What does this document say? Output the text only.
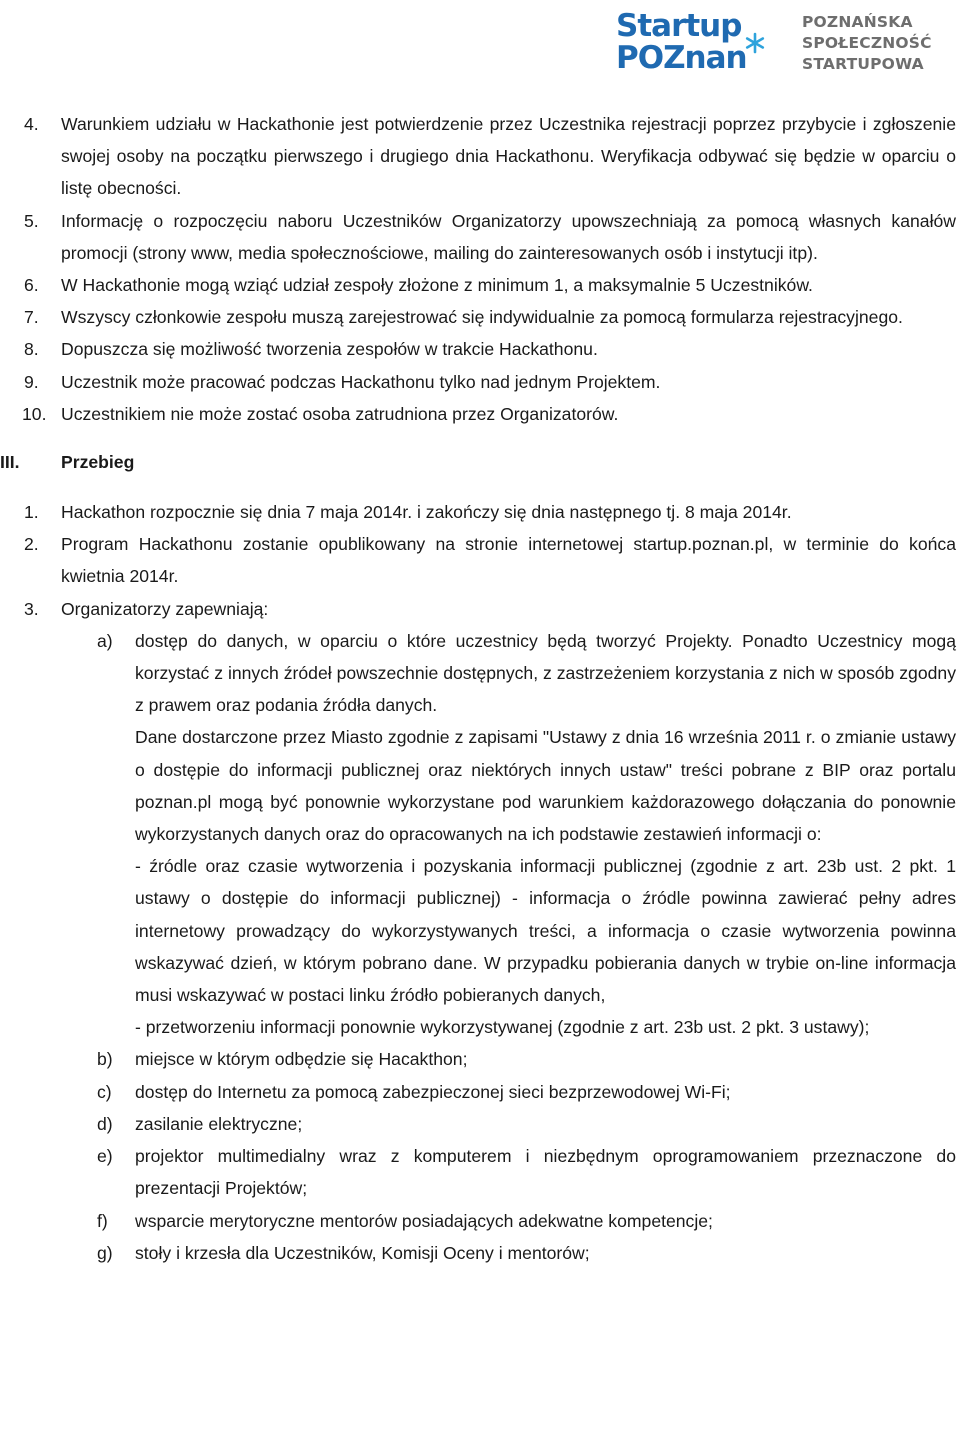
Startup
POZnan
POZNAŃSKA
SPOŁECZNOŚĆ
STARTUPOWA
4. Warunkiem udziału w Hackathonie jest potwierdzenie przez Uczestnika rejestracji poprzez przybycie i zgłoszenie swojej osoby na początku pierwszego i drugiego dnia Hackathonu. Weryfikacja odbywać się będzie w oparciu o listę obecności.
5. Informację o rozpoczęciu naboru Uczestników Organizatorzy upowszechniają za pomocą własnych kanałów promocji (strony www, media społecznościowe, mailing do zainteresowanych osób i instytucji itp).
6. W Hackathonie mogą wziąć udział zespoły złożone z minimum 1, a maksymalnie 5 Uczestników.
7. Wszyscy członkowie zespołu muszą zarejestrować się indywidualnie za pomocą formularza rejestracyjnego.
8. Dopuszcza się możliwość tworzenia zespołów w trakcie Hackathonu.
9. Uczestnik może pracować podczas Hackathonu tylko nad jednym Projektem.
10. Uczestnikiem nie może zostać osoba zatrudniona przez Organizatorów.
III. Przebieg
1. Hackathon rozpocznie się dnia 7 maja 2014r. i zakończy się dnia następnego tj. 8 maja 2014r.
2. Program Hackathonu zostanie opublikowany na stronie internetowej startup.poznan.pl, w terminie do końca kwietnia 2014r.
3. Organizatorzy zapewniają:
a) dostęp do danych, w oparciu o które uczestnicy będą tworzyć Projekty. Ponadto Uczestnicy mogą korzystać z innych źródeł powszechnie dostępnych, z zastrzeżeniem korzystania z nich w sposób zgodny z prawem oraz podania źródła danych.
Dane dostarczone przez Miasto zgodnie z zapisami "Ustawy z dnia 16 września 2011 r. o zmianie ustawy o dostępie do informacji publicznej oraz niektórych innych ustaw" treści pobrane z BIP oraz portalu poznan.pl mogą być ponownie wykorzystane pod warunkiem każdorazowego dołączania do ponownie wykorzystanych danych oraz do opracowanych na ich podstawie zestawień informacji o:
- źródle oraz czasie wytworzenia i pozyskania informacji publicznej (zgodnie z art. 23b ust. 2 pkt. 1 ustawy o dostępie do informacji publicznej) - informacja o źródle powinna zawierać pełny adres internetowy prowadzący do wykorzystywanych treści, a informacja o czasie wytworzenia powinna wskazywać dzień, w którym pobrano dane. W przypadku pobierania danych w trybie on-line informacja musi wskazywać w postaci linku źródło pobieranych danych,
- przetworzeniu informacji ponownie wykorzystywanej (zgodnie z art. 23b ust. 2 pkt. 3 ustawy);
b) miejsce w którym odbędzie się Hacakthon;
c) dostęp do Internetu za pomocą zabezpieczonej sieci bezprzewodowej Wi-Fi;
d) zasilanie elektryczne;
e) projektor multimedialny wraz z komputerem i niezbędnym oprogramowaniem przeznaczone do prezentacji Projektów;
f) wsparcie merytoryczne mentorów posiadających adekwatne kompetencje;
g) stoły i krzesła dla Uczestników, Komisji Oceny i mentorów;
